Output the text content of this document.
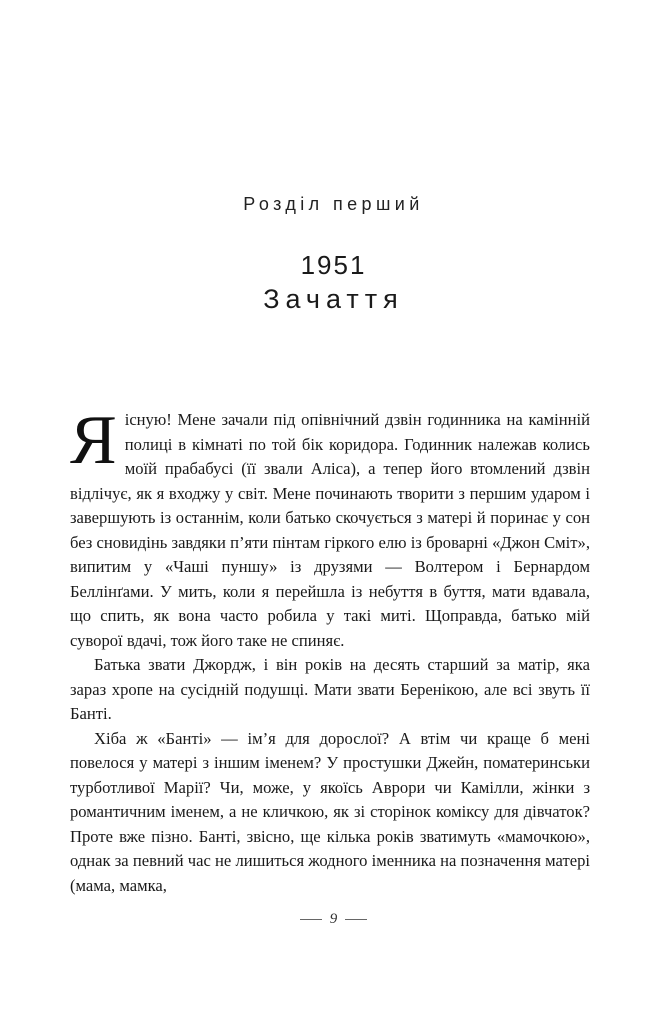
Розділ перший
1951
Зачаття

Яісную! Мене зачали під опівнічний дзвін годинника на камінній полиці в кімнаті по той бік коридора. Годинник належав колись моїй прабабусі (її звали Аліса), а тепер його втомлений дзвін відлічує, як я входжу у світ. Мене починають творити з першим ударом і завершують із останнім, коли батько скочується з матері й поринає у сон без сновидінь завдяки п’яти пінтам гіркого елю із броварні «Джон Сміт», випитим у «Чаші пуншу» із друзями — Волтером і Бернардом Беллінґами. У мить, коли я перейшла із небуття в буття, мати вдавала, що спить, як вона часто робила у такі миті. Щоправда, батько мій суворої вдачі, тож його таке не спиняє.

Батька звати Джордж, і він років на десять старший за матір, яка зараз хропе на сусідній подушці. Мати звати Беренікою, але всі звуть її Банті.

Хіба ж «Банті» — ім’я для дорослої? А втім чи краще б мені повелося у матері з іншим іменем? У простушки Джейн, поматеринськи турботливої Марії? Чи, може, у якоїсь Аврори чи Камілли, жінки з романтичним іменем, а не кличкою, як зі сторінок коміксу для дівчаток? Проте вже пізно. Банті, звісно, ще кілька років зватимуть «мамочкою», однак за певний час не лишиться жодного іменника на позначення матері (мама, мамка,

9
